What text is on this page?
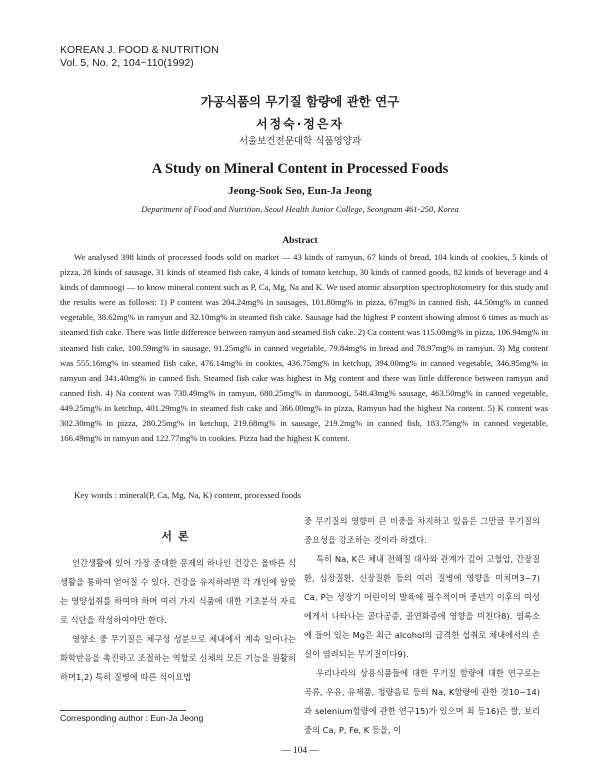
KOREAN J. FOOD & NUTRITION
Vol. 5, No. 2, 104~110(1992)
가공식품의 무기질 함량에 관한 연구
서정숙·정은자
서울보건전문대학 식품영양과
A Study on Mineral Content in Processed Foods
Jeong-Sook Seo, Eun-Ja Jeong
Department of Food and Nutrition, Seoul Health Junior College, Seongnam 461-250, Korea
Abstract
We analysed 398 kinds of processed foods sold on market — 43 kinds of ramyun, 67 kinds of bread, 104 kinds of cookies, 5 kinds of pizza, 28 kinds of sausage, 31 kinds of steamed fish cake, 4 kinds of tomato ketchup, 30 kinds of canned goods, 82 kinds of beverage and 4 kinds of danmoogi — to know mineral content such as P, Ca, Mg, Na and K. We used atomic absorption spectrophotometry for this study and the results were as follows: 1) P content was 204.24mg% in sausages, 101.80mg% in pizza, 67mg% in canned fish, 44.50mg% in canned vegetable, 38.62mg% in ramyun and 32.10mg% in steamed fish cake. Sausage had the highest P content showing almost 6 times as much as steamed fish cake. There was little difference between ramyun and steamed fish cake. 2) Ca content was 115.00mg% in pizza, 106.94mg% in steamed fish cake, 100.59mg% in sausage, 91.25mg% in canned vegetable, 79.84mg% in bread and 78.97mg% in ramyun. 3) Mg content was 555.16mg% in steamed fish cake, 476.14mg% in cookies, 436.75mg% in ketchup, 394.00mg% in canned vegetable, 346.95mg% in ramyun and 341.40mg% in canned fish. Steamed fish cake was highest in Mg content and there was little difference between ramyun and canned fish. 4) Na content was 730.49mg% in ramyun, 680.25mg% in danmoogi, 548.43mg% sausage, 463.50mg% in canned vegetable, 449.25mg% in ketchup, 401.29mg% in steamed fish cake and 366.00mg% in pizza, Ramyun had the highest Na content. 5) K content was 302.30mg% in pizza, 280.25mg% in ketchup, 219.68mg% in sausage, 219.2mg% in canned fish, 183.75mg% in canned vegetable, 166.49mg% in ramyun and 122.77mg% in cookies. Pizza had the highest K content.
Key words : mineral(P, Ca, Mg, Na, K) content, processed foods
서론

인간생활에 있어 가장 중대한 문제의 하나인 건강은 올바른 식생활을 통하여 얻어질 수 있다. 건강을 유지하려면 각 개인에 알맞는 영양섭취를 하여야 하며 여러 가지 식품에 대한 기초분석 자료로 식단을 작성하여야만 한다.

영양소 중 무기질은 체구성 성분으로 체내에서 계속 일어나는 화학반응을 촉진하고 조절하는 역할로 신체의 모든 기능을 원활히 하며1,2) 특히 질병에 따른 식이요법

중 무기질의 영향이 큰 비중을 차지하고 있음은 그만큼 무기질의 중요성을 강조하는 것이라 하겠다.

특히 Na, K은 체내 전해질 대사와 관계가 깊어 고혈압, 간장질환, 심장질환, 신장질환 등의 여러 질병에 영향을 미치며3~7) Ca, P는 성장기 어린이의 발육에 필수적이며 중년기 이후의 여성에게서 나타나는 골다공증, 골연화증에 영향을 미친다8). 염록소에 들어 있는 Mg은 최근 alcohol의 급격한 섭취로 체내에서의 손실이 염려되는 무기질이다9).

우리나라의 상용식품들에 대한 무기질 함량에 대한 연구로는 곡류, 우유, 유제품, 청량음료 등의 Na, K함량에 관한 것10~14)과 selenium함량에 관한 연구15)가 있으며 최 등16)은 쌀, 보리 중의 Ca, P, Fe, K 등을, 이

Corresponding author : Eun-Ja Jeong
— 104 —
